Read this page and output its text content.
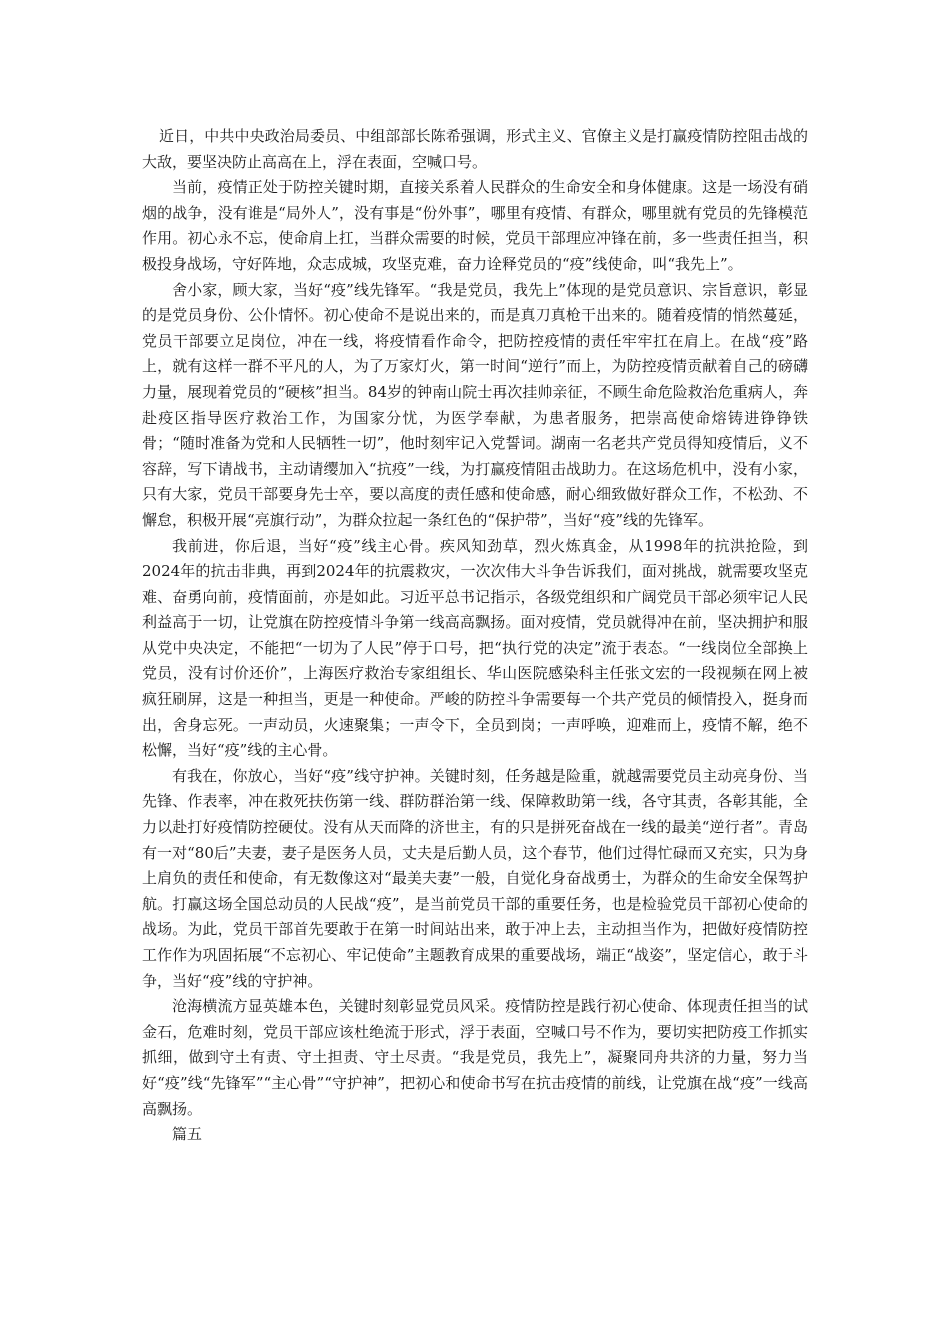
近日，中共中央政治局委员、中组部部长陈希强调，形式主义、官僚主义是打赢疫情防控阻击战的大敌，要坚决防止高高在上，浮在表面，空喊口号。

当前，疫情正处于防控关键时期，直接关系着人民群众的生命安全和身体健康。这是一场没有硝烟的战争，没有谁是“局外人”，没有事是“份外事”，哪里有疫情、有群众，哪里就有党员的先锋模范作用。初心永不忘，使命肩上扛，当群众需要的时候，党员干部理应冲锋在前，多一些责任担当，积极投身战场，守好阵地，众志成城，攻坚克难，奋力诠释党员的“疫”线使命，叫“我先上”。

舍小家，顾大家，当好“疫”线先锋军。“我是党员，我先上”体现的是党员意识、宗旨意识，彰显的是党员身份、公仆情怀。初心使命不是说出来的，而是真刀真枪干出来的。随着疫情的悄然蔓延，党员干部要立足岗位，冲在一线，将疫情看作命令，把防控疫情的责任牢牢扛在肩上。在战“疫”路上，就有这样一群不平凡的人，为了万家灯火，第一时间“逆行”而上，为防控疫情贡献着自己的磅礴力量，展现着党员的“硬核”担当。84岁的钟南山院士再次挂帅亲征，不顾生命危险救治危重病人，奔赴疫区指导医疗救治工作，为国家分忧，为医学奉献，为患者服务，把崇高使命熔铸进铮铮铁骨；“随时准备为党和人民牺牲一切”，他时刻牢记入党誓词。湖南一名老共产党员得知疫情后，义不容辞，写下请战书，主动请缨加入“抗疫”一线，为打赢疫情阻击战助力。在这场危机中，没有小家，只有大家，党员干部要身先士卒，要以高度的责任感和使命感，耐心细致做好群众工作，不松劲、不懈怠，积极开展“亮旗行动”，为群众拉起一条红色的“保护带”，当好“疫”线的先锋军。

我前进，你后退，当好“疫”线主心骨。疾风知劲草，烈火炼真金，从1998年的抗洪抢险，到2024年的抗击非典，再到2024年的抗震救灾，一次次伟大斗争告诉我们，面对挑战，就需要攻坚克难、奋勇向前，疫情面前，亦是如此。习近平总书记指示，各级党组织和广阔党员干部必须牢记人民利益高于一切，让党旗在防控疫情斗争第一线高高飘扬。面对疫情，党员就得冲在前，坚决拥护和服从党中央决定，不能把“一切为了人民”停于口号，把“执行党的决定”流于表态。“一线岗位全部换上党员，没有讨价还价”，上海医疗救治专家组组长、华山医院感染科主任张文宏的一段视频在网上被疯狂刷屏，这是一种担当，更是一种使命。严峻的防控斗争需要每一个共产党员的倾情投入，挺身而出，舍身忘死。一声动员，火速聚集；一声令下，全员到岗；一声呼唤，迎难而上，疫情不解，绝不松懈，当好“疫”线的主心骨。

有我在，你放心，当好“疫”线守护神。关键时刻，任务越是险重，就越需要党员主动亮身份、当先锋、作表率，冲在救死扶伤第一线、群防群治第一线、保障救助第一线，各守其责，各彰其能，全力以赴打好疫情防控硬仗。没有从天而降的济世主，有的只是拼死奋战在一线的最美“逆行者”。青岛有一对“80后”夫妻，妻子是医务人员，丈夫是后勤人员，这个春节，他们过得忙碌而又充实，只为身上肩负的责任和使命，有无数像这对“最美夫妻”一般，自觉化身奋战勇士，为群众的生命安全保驾护航。打赢这场全国总动员的人民战“疫”，是当前党员干部的重要任务，也是检验党员干部初心使命的战场。为此，党员干部首先要敢于在第一时间站出来，敢于冲上去，主动担当作为，把做好疫情防控工作作为巩固拓展“不忘初心、牢记使命”主题教育成果的重要战场，端正“战姿”，坚定信心，敢于斗争，当好“疫”线的守护神。

沧海横流方显英雄本色，关键时刻彰显党员风采。疫情防控是践行初心使命、体现责任担当的试金石，危难时刻，党员干部应该杜绝流于形式，浮于表面，空喊口号不作为，要切实把防疫工作抓实抓细，做到守土有责、守土担责、守土尽责。“我是党员，我先上”，凝聚同舟共济的力量，努力当好“疫”线“先锋军”“主心骨”“守护神”，把初心和使命书写在抗击疫情的前线，让党旗在战“疫”一线高高飘扬。

篇五
